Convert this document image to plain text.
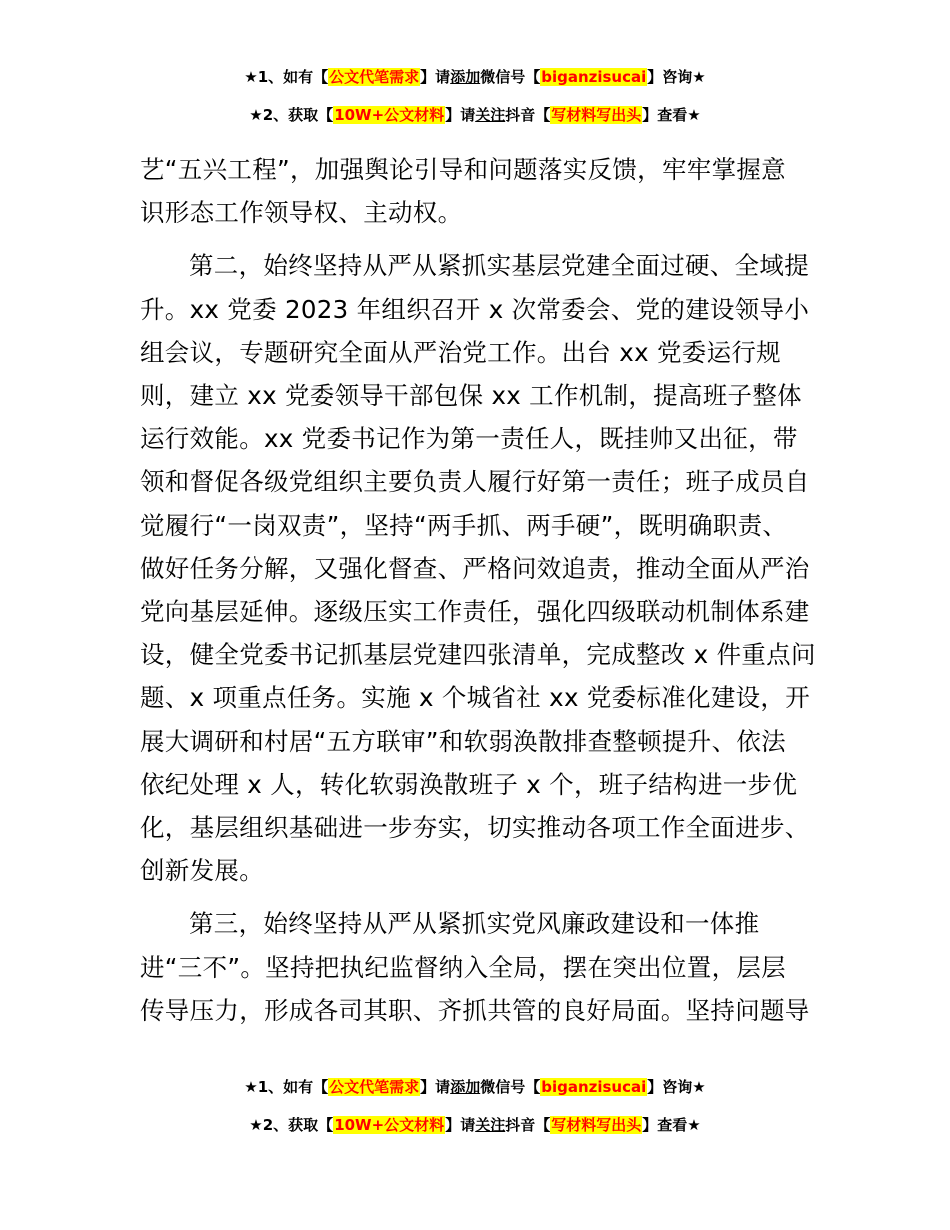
★1、如有【公文代笔需求】请添加微信号【biganzisucai】咨询★
★2、获取【10W+公文材料】请关注抖音【写材料写出头】查看★

艺“五兴工程”，加强舆论引导和问题落实反馈，牢牢掌握意
识形态工作领导权、主动权。

第二，始终坚持从严从紧抓实基层党建全面过硬、全域提
升。xx 党委 2023 年组织召开 x 次常委会、党的建设领导小
组会议，专题研究全面从严治党工作。出台 xx 党委运行规
则，建立 xx 党委领导干部包保 xx 工作机制，提高班子整体
运行效能。xx 党委书记作为第一责任人，既挂帅又出征，带
领和督促各级党组织主要负责人履行好第一责任；班子成员自
觉履行“一岗双责”，坚持“两手抓、两手硬”，既明确职责、
做好任务分解，又强化督查、严格问效追责，推动全面从严治
党向基层延伸。逐级压实工作责任，强化四级联动机制体系建
设，健全党委书记抓基层党建四张清单，完成整改 x 件重点问
题、x 项重点任务。实施 x 个城省社 xx 党委标准化建设，开
展大调研和村居“五方联审”和软弱涣散排查整顿提升、依法
依纪处理 x 人，转化软弱涣散班子 x 个，班子结构进一步优
化，基层组织基础进一步夯实，切实推动各项工作全面进步、
创新发展。

第三，始终坚持从严从紧抓实党风廉政建设和一体推
进“三不”。坚持把执纪监督纳入全局，摆在突出位置，层层
传导压力，形成各司其职、齐抓共管的良好局面。坚持问题导

★1、如有【公文代笔需求】请添加微信号【biganzisucai】咨询★
★2、获取【10W+公文材料】请关注抖音【写材料写出头】查看★
